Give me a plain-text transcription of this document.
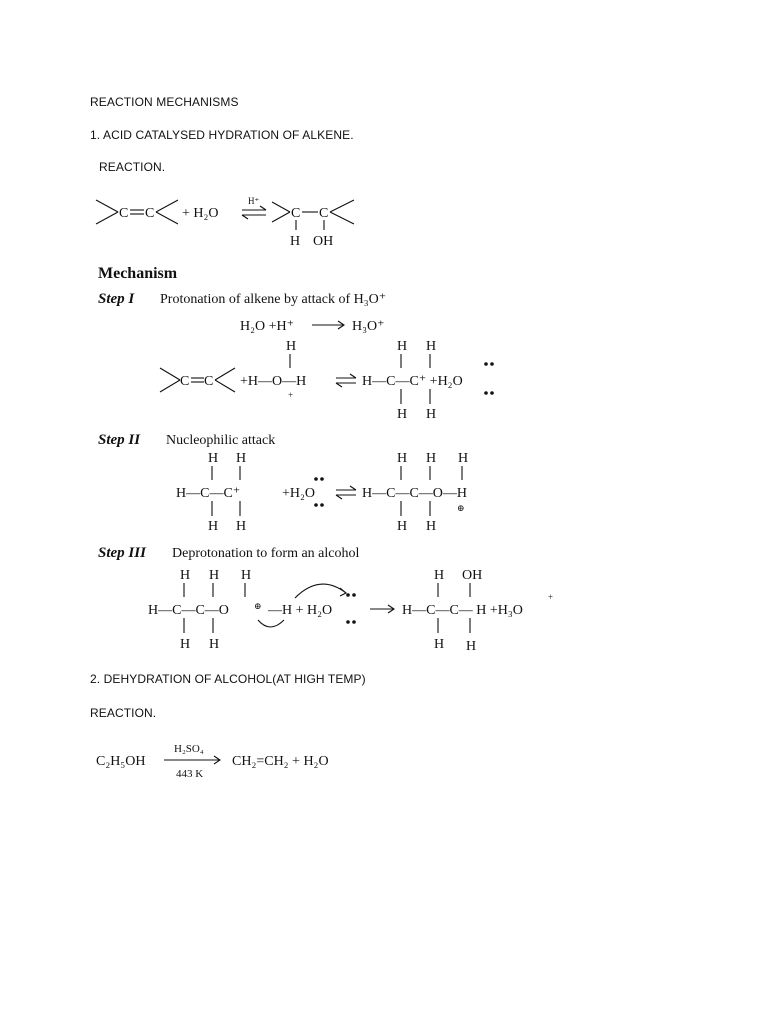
REACTION MECHANISMS
1. ACID CATALYSED HYDRATION OF ALKENE.
REACTION.
2. DEHYDRATION OF ALCOHOL(AT HIGH TEMP)
REACTION.
C C + H₂O
H⁺
C C
H OH
Mechanism
Step I Protonation of alkene by attack of H₃O⁺
H₂O +H⁺	H₃O⁺
H
C C +H—O—H
+
H—C—C⁺ +H₂O
H H
H H
Step II Nucleophilic attack
H H
H—C—C⁺
H H
+H₂O	H—C—C—O—H
H H H
H H
⊕
Step III Deprotonation to form an alcohol
H H H
H—C—C—O	⊕ —H + H₂O
H H
H—C—C— H +H₃O
H OH
H H
+
C₂H₅OH
H₂SO₄
443 K
CH₂=CH₂ + H₂O
